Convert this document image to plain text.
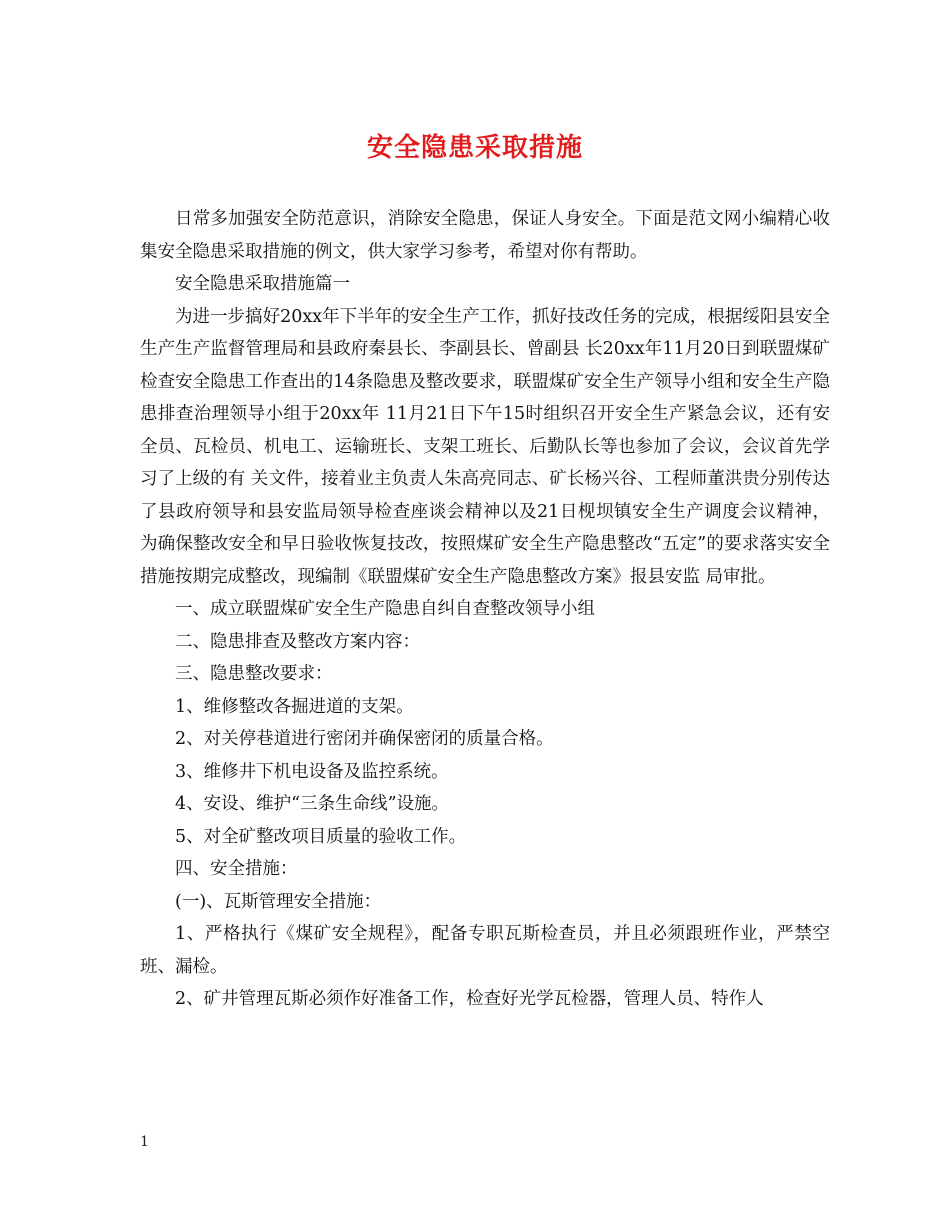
安全隐患采取措施

日常多加强安全防范意识，消除安全隐患，保证人身安全。下面是范文网小编精心收集安全隐患采取措施的例文，供大家学习参考，希望对你有帮助。

安全隐患采取措施篇一

为进一步搞好20xx年下半年的安全生产工作，抓好技改任务的完成，根据绥阳县安全生产生产监督管理局和县政府秦县长、李副县长、曾副县 长20xx年11月20日到联盟煤矿检查安全隐患工作查出的14条隐患及整改要求，联盟煤矿安全生产领导小组和安全生产隐患排查治理领导小组于20xx年 11月21日下午15时组织召开安全生产紧急会议，还有安全员、瓦检员、机电工、运输班长、支架工班长、后勤队长等也参加了会议，会议首先学习了上级的有 关文件，接着业主负责人朱高亮同志、矿长杨兴谷、工程师董洪贵分别传达了县政府领导和县安监局领导检查座谈会精神以及21日枧坝镇安全生产调度会议精神， 为确保整改安全和早日验收恢复技改，按照煤矿安全生产隐患整改“五定”的要求落实安全措施按期完成整改，现编制《联盟煤矿安全生产隐患整改方案》报县安监 局审批。

一、成立联盟煤矿安全生产隐患自纠自查整改领导小组

二、隐患排查及整改方案内容：

三、隐患整改要求：

1、维修整改各掘进道的支架。

2、对关停巷道进行密闭并确保密闭的质量合格。

3、维修井下机电设备及监控系统。

4、安设、维护“三条生命线”设施。

5、对全矿整改项目质量的验收工作。

四、安全措施：

(一)、瓦斯管理安全措施：

1、严格执行《煤矿安全规程》，配备专职瓦斯检查员，并且必须跟班作业，严禁空班、漏检。

2、矿井管理瓦斯必须作好准备工作，检查好光学瓦检器，管理人员、特作人

1
